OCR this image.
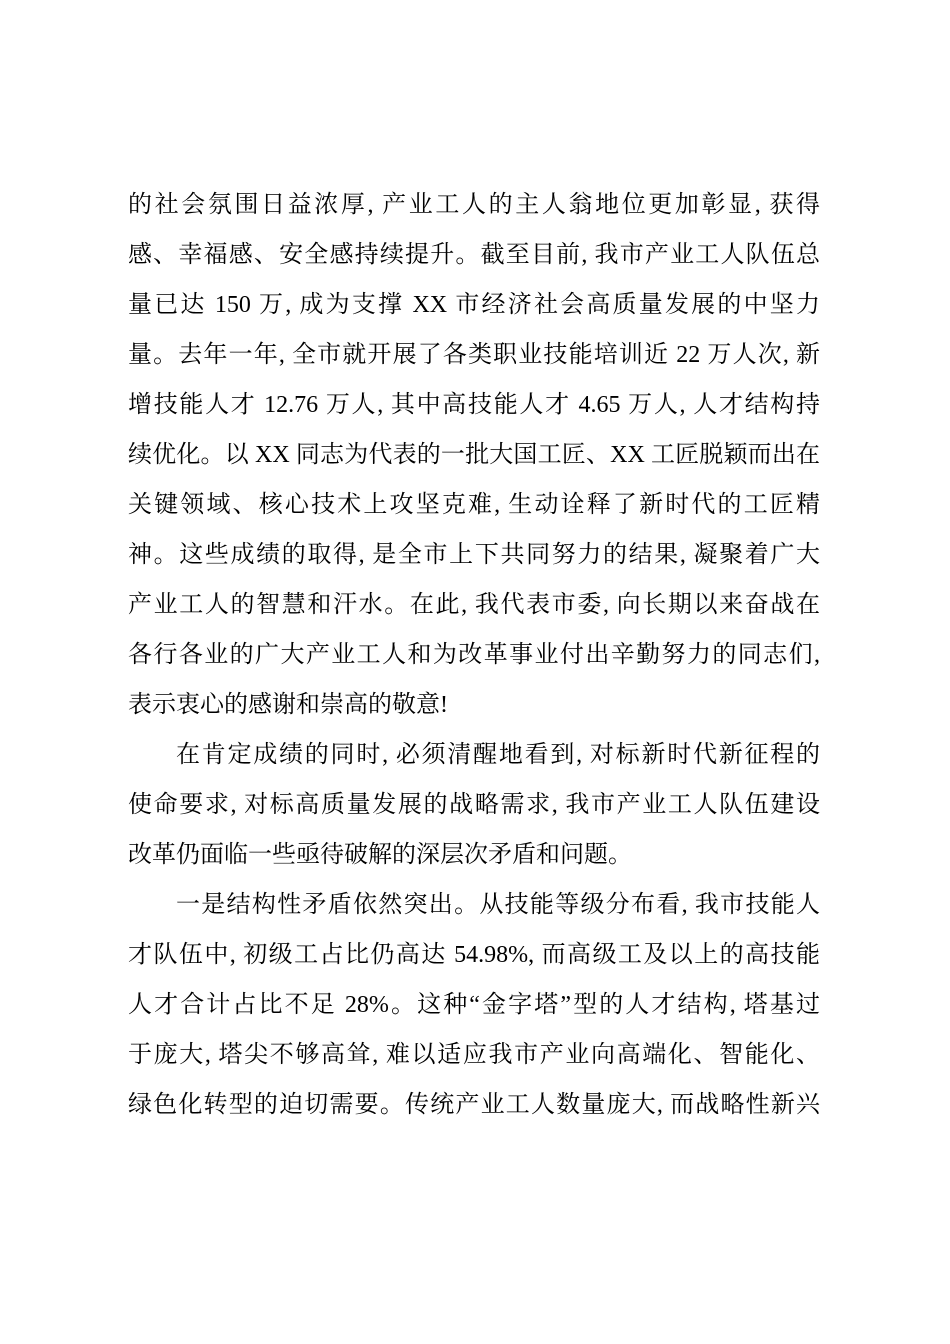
的社会氛围日益浓厚, 产业工人的主人翁地位更加彰显, 获得
感、幸福感、安全感持续提升。截至目前, 我市产业工人队伍总
量已达 150 万, 成为支撑 XX 市经济社会高质量发展的中坚力
量。去年一年, 全市就开展了各类职业技能培训近 22 万人次, 新
增技能人才 12.76 万人, 其中高技能人才 4.65 万人, 人才结构持
续优化。以 XX 同志为代表的一批大国工匠、XX 工匠脱颖而出在
关键领域、核心技术上攻坚克难, 生动诠释了新时代的工匠精
神。这些成绩的取得, 是全市上下共同努力的结果, 凝聚着广大
产业工人的智慧和汗水。在此, 我代表市委, 向长期以来奋战在
各行各业的广大产业工人和为改革事业付出辛勤努力的同志们,
表示衷心的感谢和崇高的敬意!
在肯定成绩的同时, 必须清醒地看到, 对标新时代新征程的
使命要求, 对标高质量发展的战略需求, 我市产业工人队伍建设
改革仍面临一些亟待破解的深层次矛盾和问题。
一是结构性矛盾依然突出。从技能等级分布看, 我市技能人
才队伍中, 初级工占比仍高达 54.98%, 而高级工及以上的高技能
人才合计占比不足 28%。这种“金字塔”型的人才结构, 塔基过
于庞大, 塔尖不够高耸, 难以适应我市产业向高端化、智能化、
绿色化转型的迫切需要。传统产业工人数量庞大, 而战略性新兴
